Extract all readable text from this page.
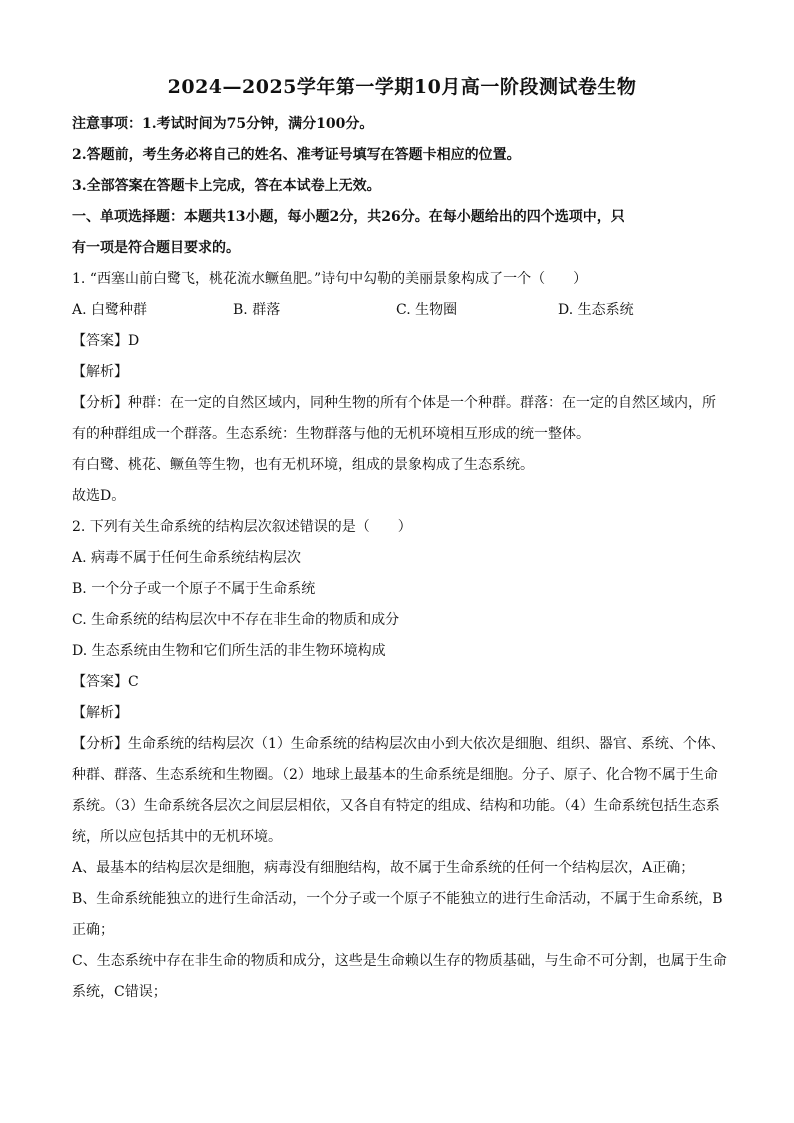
2024—2025学年第一学期10月高一阶段测试卷生物
注意事项：1.考试时间为75分钟，满分100分。
2.答题前，考生务必将自己的姓名、准考证号填写在答题卡相应的位置。
3.全部答案在答题卡上完成，答在本试卷上无效。
一、单项选择题：本题共13小题，每小题2分，共26分。在每小题给出的四个选项中，只
有一项是符合题目要求的。
1. “西塞山前白鹭飞，桃花流水鳜鱼肥。”诗句中勾勒的美丽景象构成了一个（　　）
A. 白鹭种群	B. 群落	C. 生物圈	D. 生态系统
【答案】D
【解析】
【分析】种群：在一定的自然区域内，同种生物的所有个体是一个种群。群落：在一定的自然区域内，所
有的种群组成一个群落。生态系统：生物群落与他的无机环境相互形成的统一整体。
有白鹭、桃花、鳜鱼等生物，也有无机环境，组成的景象构成了生态系统。
故选D。
2. 下列有关生命系统的结构层次叙述错误的是（　　）
A. 病毒不属于任何生命系统结构层次
B. 一个分子或一个原子不属于生命系统
C. 生命系统的结构层次中不存在非生命的物质和成分
D. 生态系统由生物和它们所生活的非生物环境构成
【答案】C
【解析】
【分析】生命系统的结构层次（1）生命系统的结构层次由小到大依次是细胞、组织、器官、系统、个体、
种群、群落、生态系统和生物圈。（2）地球上最基本的生命系统是细胞。分子、原子、化合物不属于生命
系统。（3）生命系统各层次之间层层相依，又各自有特定的组成、结构和功能。（4）生命系统包括生态系
统，所以应包括其中的无机环境。
A、最基本的结构层次是细胞，病毒没有细胞结构，故不属于生命系统的任何一个结构层次，A正确；
B、生命系统能独立的进行生命活动，一个分子或一个原子不能独立的进行生命活动，不属于生命系统，B
正确；
C、生态系统中存在非生命的物质和成分，这些是生命赖以生存的物质基础，与生命不可分割，也属于生命
系统，C错误；
